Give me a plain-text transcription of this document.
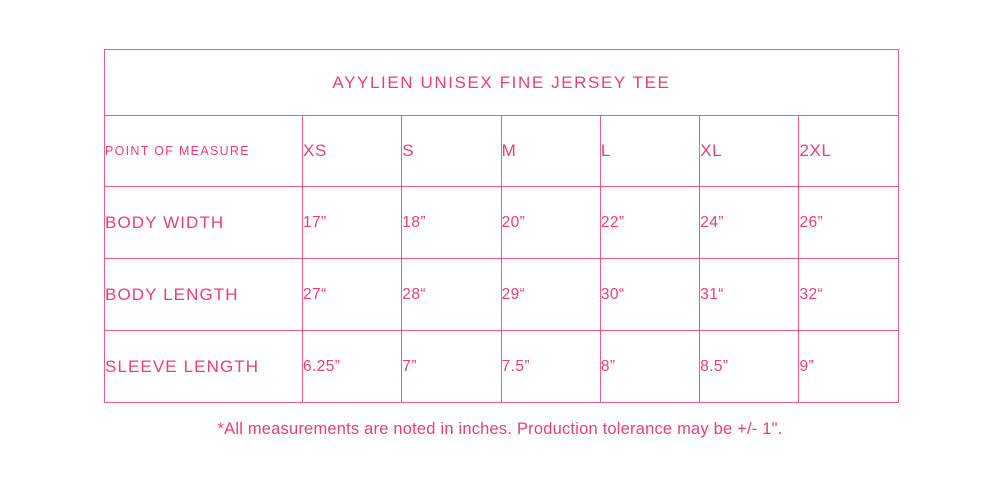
AYYLIEN UNISEX FINE JERSEY TEE						
POINT OF MEASURE	XS	S	M	L	XL	2XL
BODY WIDTH	17”	18”	20”	22”	24”	26”
BODY LENGTH	27“	28“	29“	30“	31“	32“
SLEEVE LENGTH	6.25”	7”	7.5”	8”	8.5”	9”
*All measurements are noted in inches. Production tolerance may be +/- 1".
